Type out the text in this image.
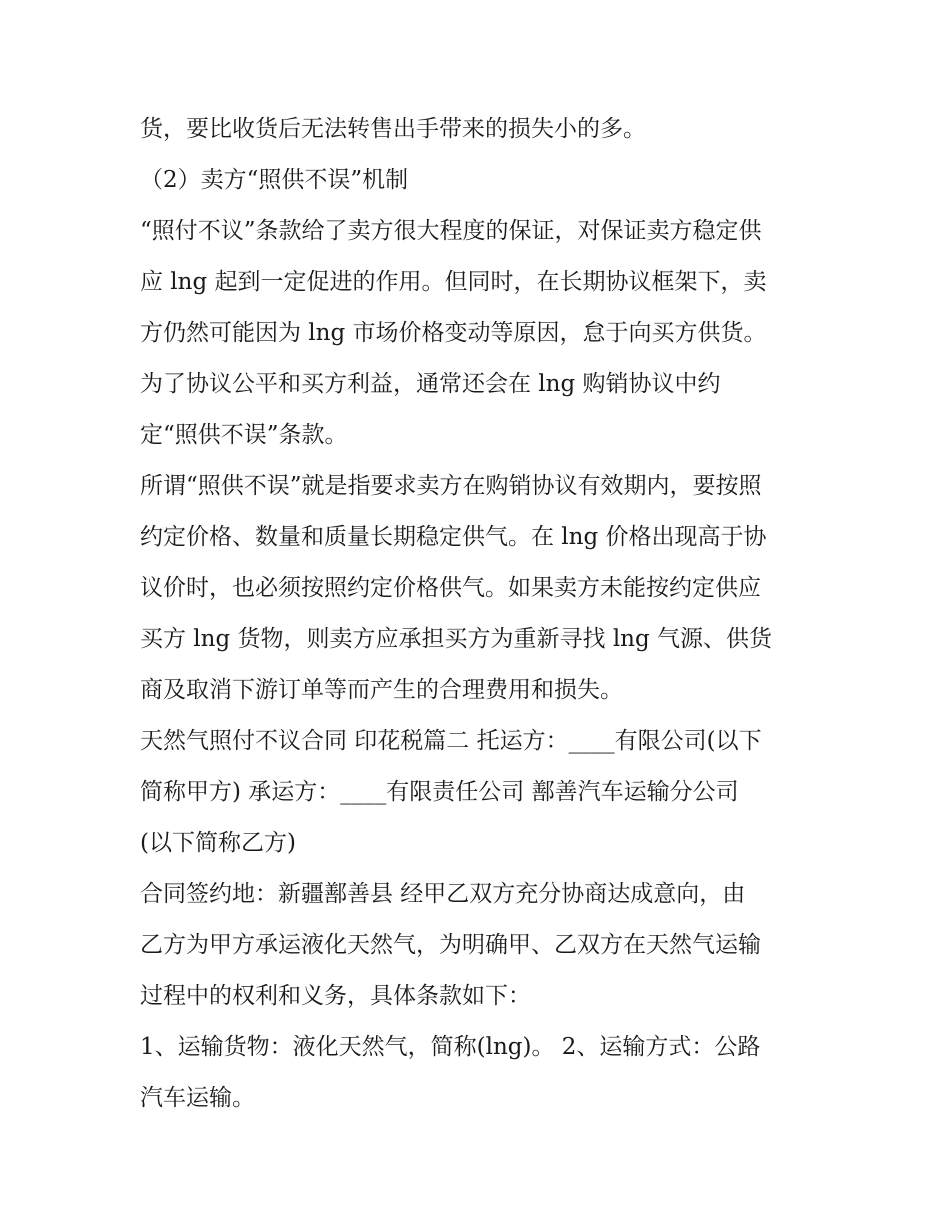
货，要比收货后无法转售出手带来的损失小的多。
（2）卖方“照供不误”机制
“照付不议”条款给了卖方很大程度的保证，对保证卖方稳定供
应 lng 起到一定促进的作用。但同时，在长期协议框架下，卖
方仍然可能因为 lng 市场价格变动等原因，怠于向买方供货。
为了协议公平和买方利益，通常还会在 lng 购销协议中约
定“照供不误”条款。
所谓“照供不误”就是指要求卖方在购销协议有效期内，要按照
约定价格、数量和质量长期稳定供气。在 lng 价格出现高于协
议价时，也必须按照约定价格供气。如果卖方未能按约定供应
买方 lng 货物，则卖方应承担买方为重新寻找 lng 气源、供货
商及取消下游订单等而产生的合理费用和损失。
天然气照付不议合同 印花税篇二 托运方：____有限公司(以下
简称甲方) 承运方：____有限责任公司 鄯善汽车运输分公司
(以下简称乙方)
合同签约地：新疆鄯善县 经甲乙双方充分协商达成意向，由
乙方为甲方承运液化天然气，为明确甲、乙双方在天然气运输
过程中的权利和义务，具体条款如下：
1、运输货物：液化天然气，简称(lng)。 2、运输方式：公路
汽车运输。
